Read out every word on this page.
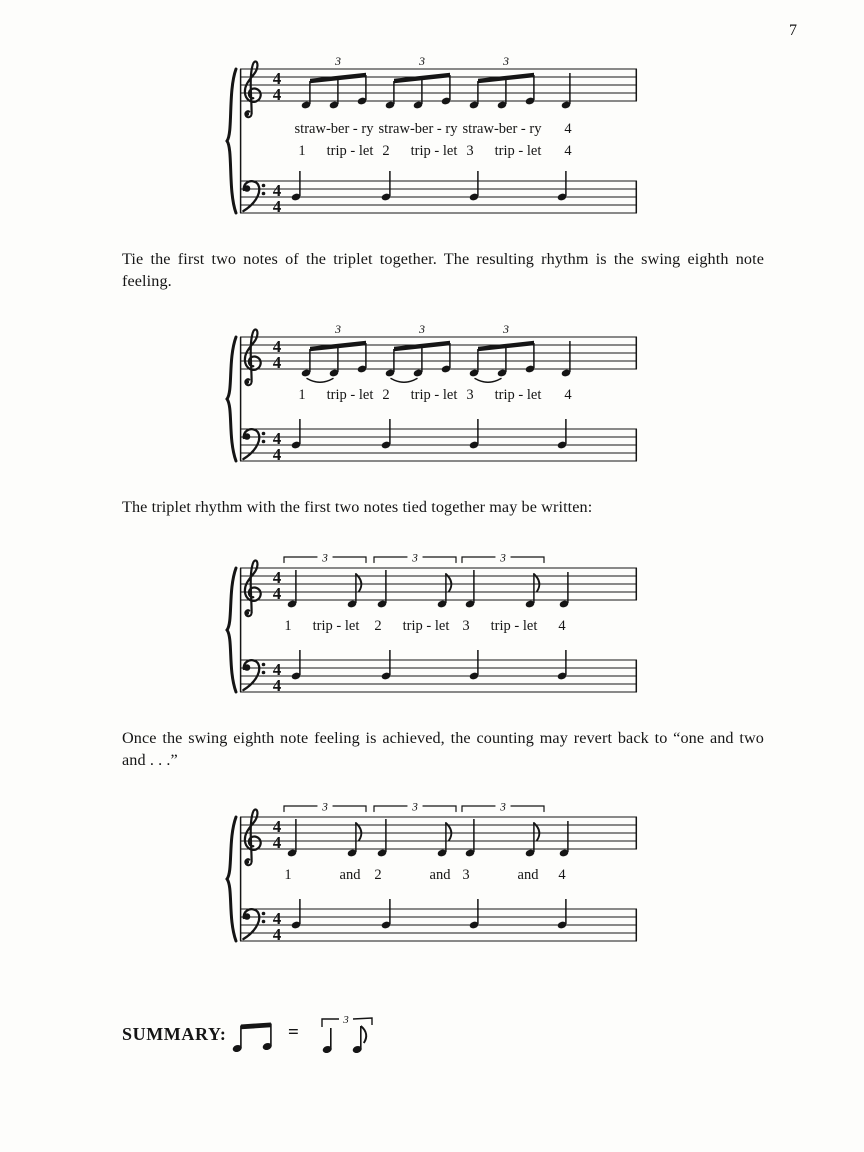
7
4
4
4
4
3	3	3
straw-ber - ry straw-ber - ry straw-ber - ry 4
1 trip - let 2 trip - let 3 trip - let 4
Tie the first two notes of the triplet together. The resulting rhythm is the swing eighth note
feeling.
4
4
4
4
3	3	3
1 trip - let 2 trip - let 3 trip - let 4
The triplet rhythm with the first two notes tied together may be written:
4
4
4
4
3	3	3
1 trip - let 2 trip - let 3 trip - let 4
Once the swing eighth note feeling is achieved, the counting may revert back to “one and two
and . . .”
4
4
4
4
3	3	3
1	and 2	and 3	and 4
SUMMARY:	=
3
